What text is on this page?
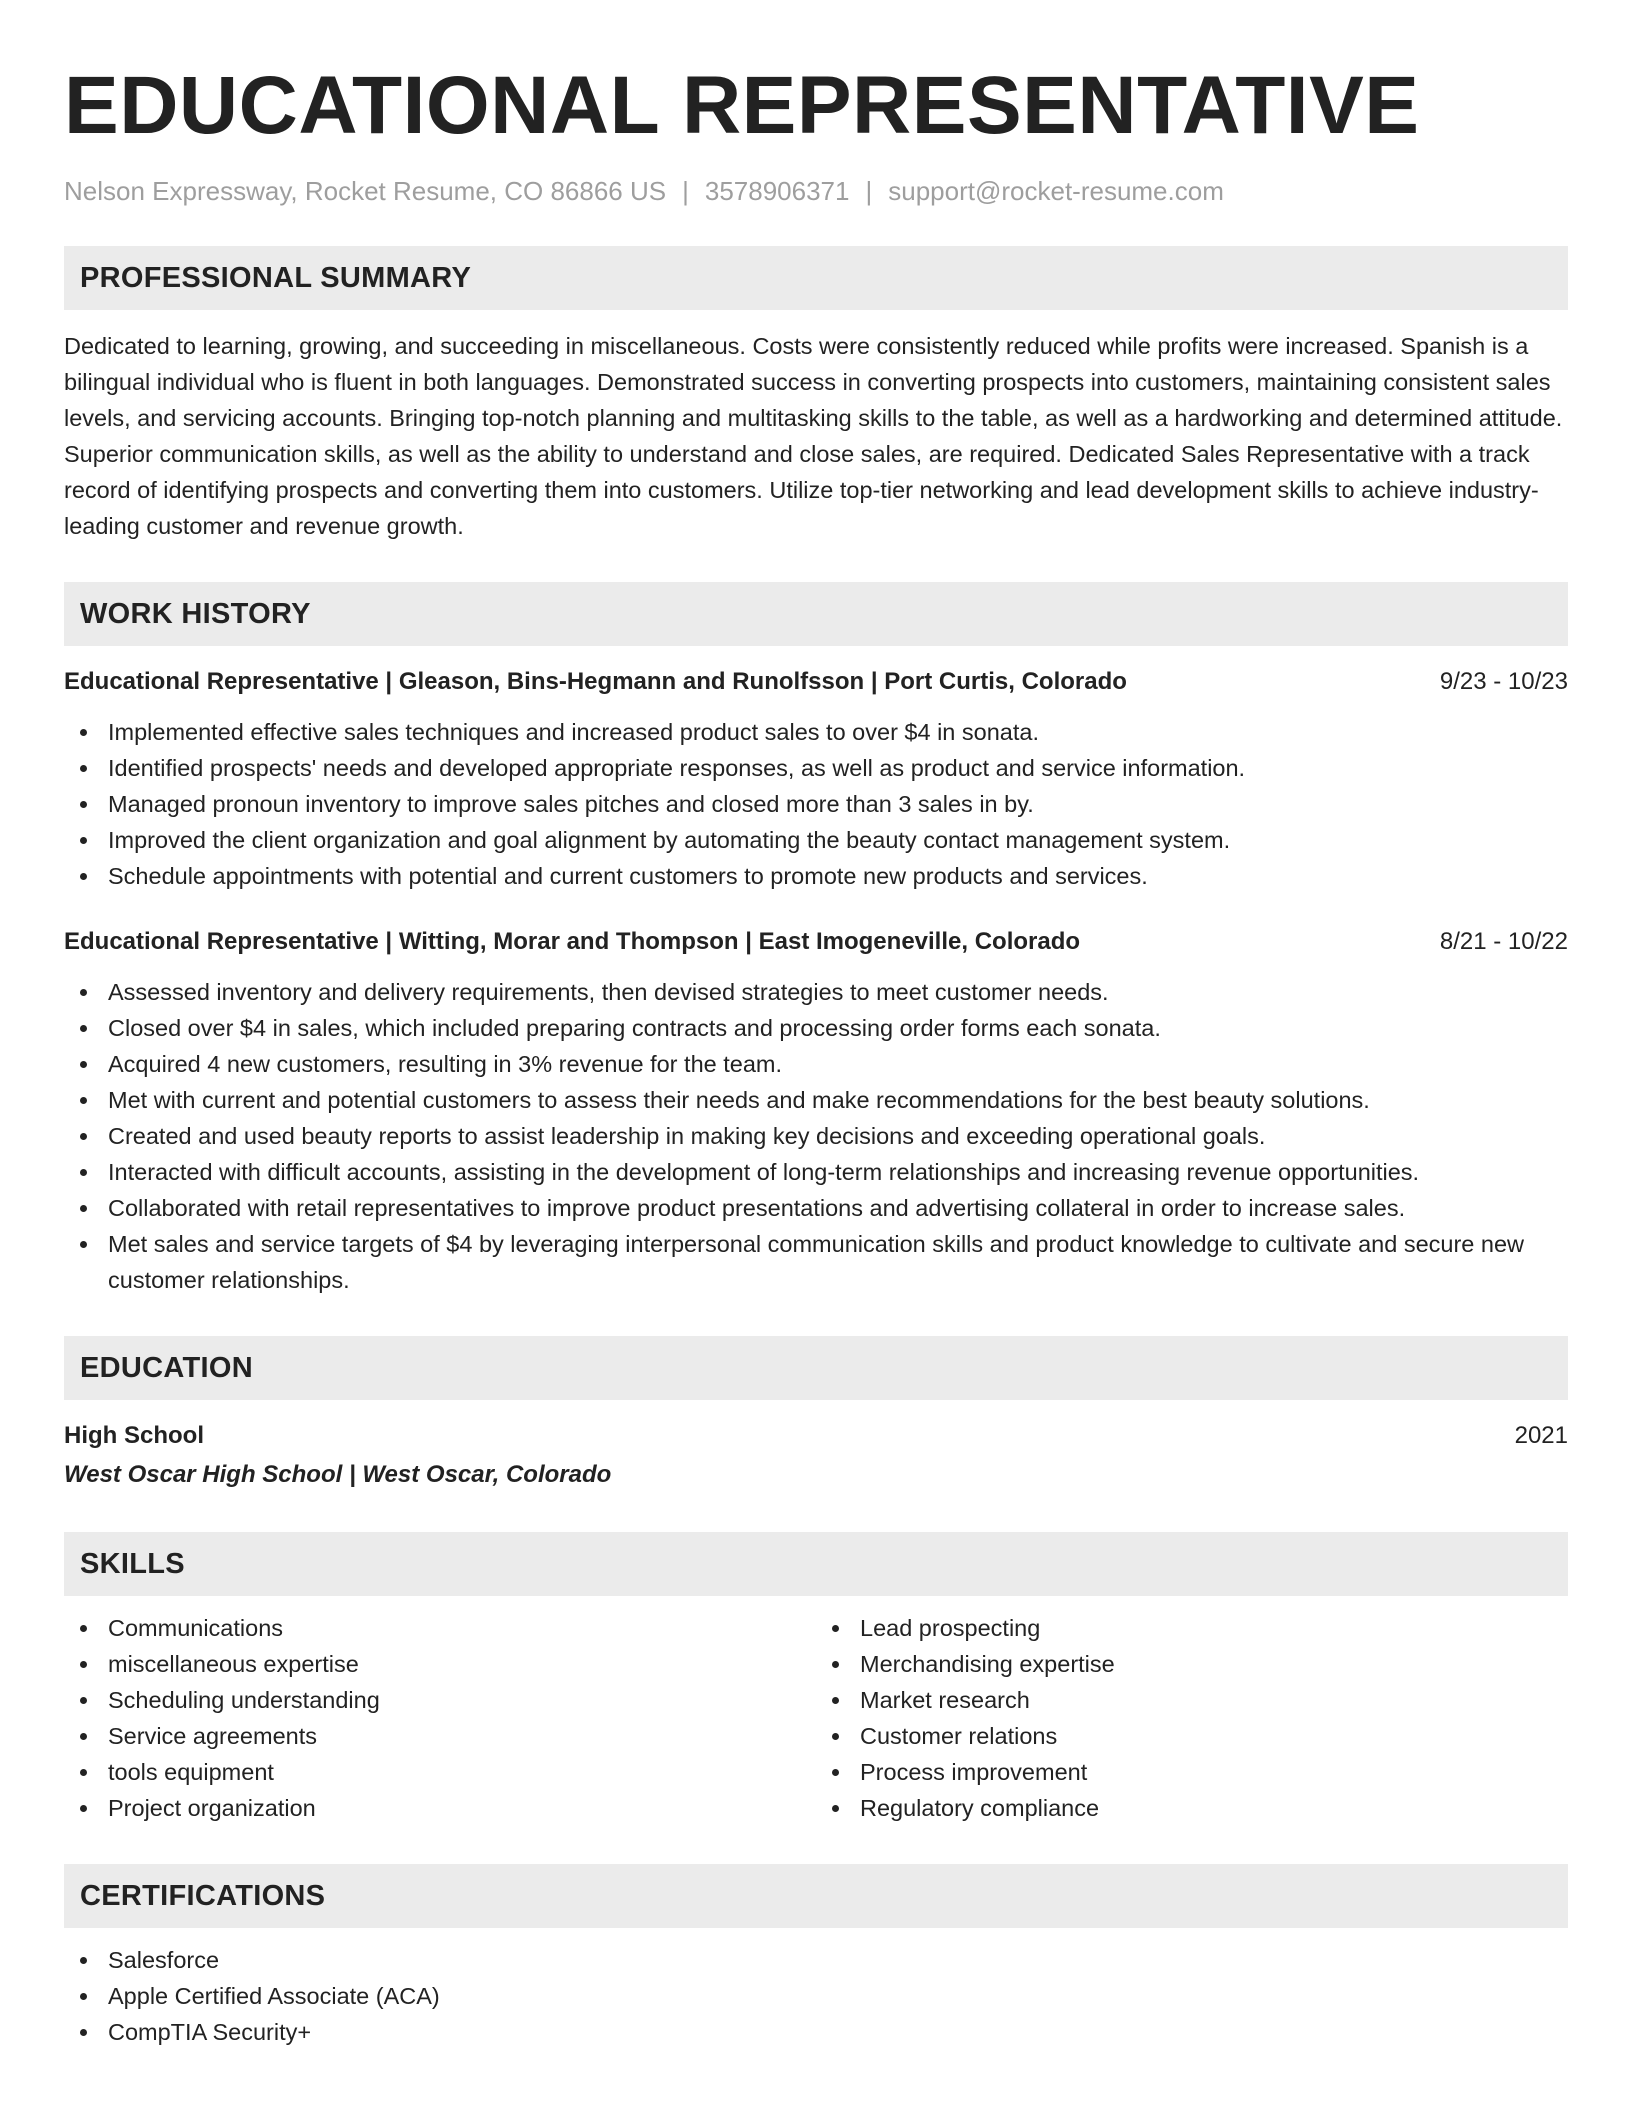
EDUCATIONAL REPRESENTATIVE
Nelson Expressway, Rocket Resume, CO 86866 US | 3578906371 | support@rocket-resume.com
PROFESSIONAL SUMMARY
Dedicated to learning, growing, and succeeding in miscellaneous. Costs were consistently reduced while profits were increased. Spanish is a bilingual individual who is fluent in both languages. Demonstrated success in converting prospects into customers, maintaining consistent sales levels, and servicing accounts. Bringing top-notch planning and multitasking skills to the table, as well as a hardworking and determined attitude. Superior communication skills, as well as the ability to understand and close sales, are required. Dedicated Sales Representative with a track record of identifying prospects and converting them into customers. Utilize top-tier networking and lead development skills to achieve industry-leading customer and revenue growth.
WORK HISTORY
Educational Representative | Gleason, Bins-Hegmann and Runolfsson | Port Curtis, Colorado	9/23 - 10/23
Implemented effective sales techniques and increased product sales to over $4 in sonata.
Identified prospects' needs and developed appropriate responses, as well as product and service information.
Managed pronoun inventory to improve sales pitches and closed more than 3 sales in by.
Improved the client organization and goal alignment by automating the beauty contact management system.
Schedule appointments with potential and current customers to promote new products and services.
Educational Representative | Witting, Morar and Thompson | East Imogeneville, Colorado	8/21 - 10/22
Assessed inventory and delivery requirements, then devised strategies to meet customer needs.
Closed over $4 in sales, which included preparing contracts and processing order forms each sonata.
Acquired 4 new customers, resulting in 3% revenue for the team.
Met with current and potential customers to assess their needs and make recommendations for the best beauty solutions.
Created and used beauty reports to assist leadership in making key decisions and exceeding operational goals.
Interacted with difficult accounts, assisting in the development of long-term relationships and increasing revenue opportunities.
Collaborated with retail representatives to improve product presentations and advertising collateral in order to increase sales.
Met sales and service targets of $4 by leveraging interpersonal communication skills and product knowledge to cultivate and secure new customer relationships.
EDUCATION
High School	2021
West Oscar High School | West Oscar, Colorado
SKILLS
Communications
miscellaneous expertise
Scheduling understanding
Service agreements
tools equipment
Project organization
Lead prospecting
Merchandising expertise
Market research
Customer relations
Process improvement
Regulatory compliance
CERTIFICATIONS
Salesforce
Apple Certified Associate (ACA)
CompTIA Security+
